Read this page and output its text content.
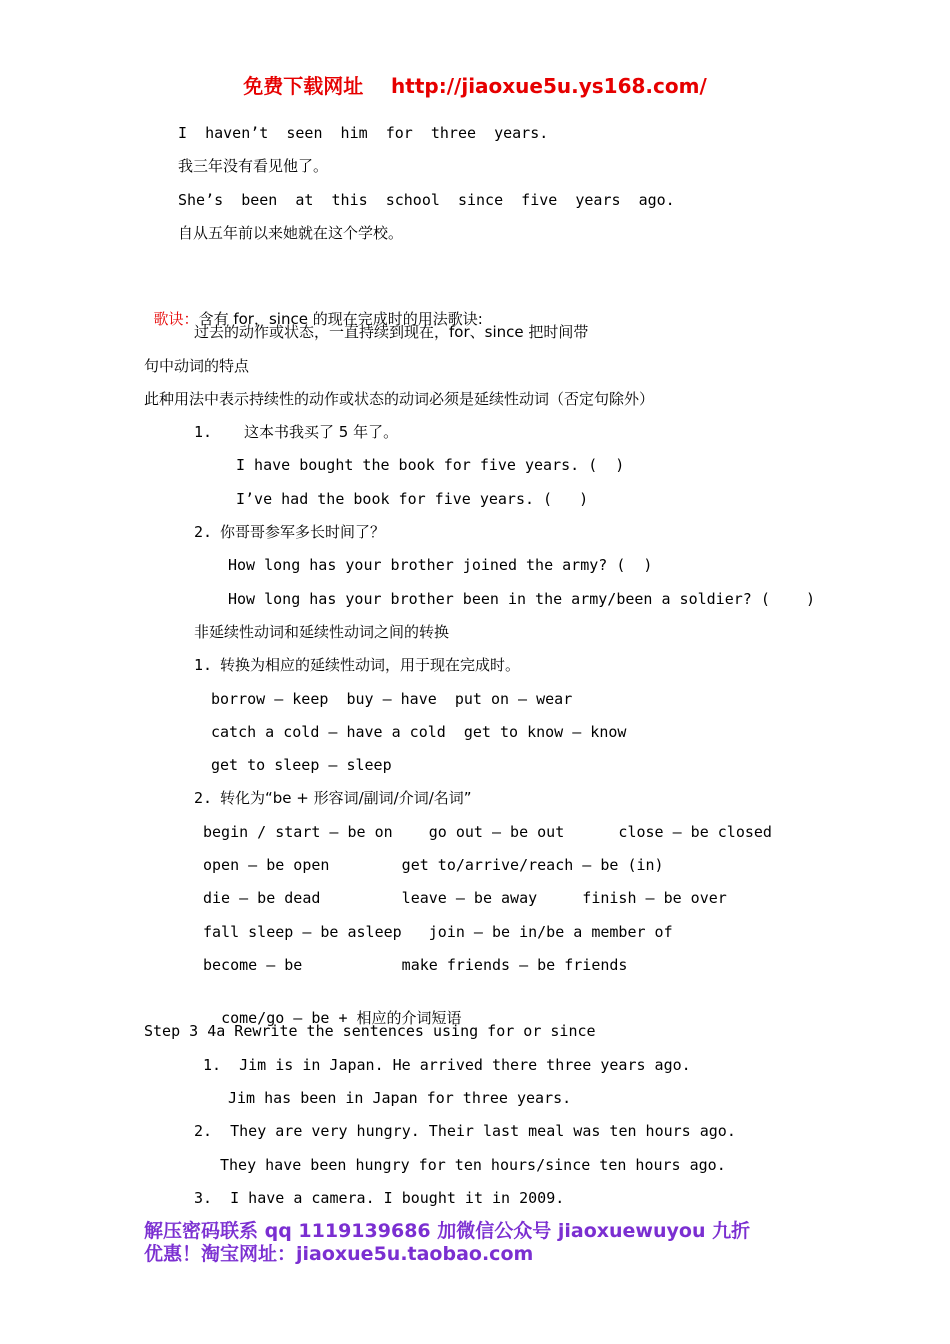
免费下载网址    http://jiaoxue5u.ys168.com/
I  haven’t  seen  him  for  three  years.
我三年没有看见他了。
She’s  been  at  this  school  since  five  years  ago.
自从五年前以来她就在这个学校。

歌诀：含有 for，since 的现在完成时的用法歌诀:

过去的动作或状态，一直持续到现在，for、since 把时间带
句中动词的特点
此种用法中表示持续性的动作或状态的动词必须是延续性动词（否定句除外）
1. 这本书我买了 5 年了。
I have bought the book for five years. (  )
I’ve had the book for five years. (   )
2. 你哥哥参军多长时间了？
How long has your brother joined the army? (  )
How long has your brother been in the army/been a soldier? (    )
非延续性动词和延续性动词之间的转换
1. 转换为相应的延续性动词，用于现在完成时。
borrow — keep  buy — have  put on — wear
catch a cold — have a cold  get to know — know
get to sleep — sleep
2. 转化为“be + 形容词/副词/介词/名词”
begin / start — be on    go out — be out      close — be closed
open — be open        get to/arrive/reach — be (in)
die — be dead         leave — be away     finish — be over
fall sleep — be asleep   join — be in/be a member of
become — be           make friends — be friends

come/go — be + 相应的介词短语

Step 3 4a Rewrite the sentences using for or since
1.  Jim is in Japan. He arrived there three years ago.
Jim has been in Japan for three years.
2.  They are very hungry. Their last meal was ten hours ago.
They have been hungry for ten hours/since ten hours ago.
3.  I have a camera. I bought it in 2009.
解压密码联系 qq 1119139686 加微信公众号 jiaoxuewuyou 九折
优惠！淘宝网址：jiaoxue5u.taobao.com
